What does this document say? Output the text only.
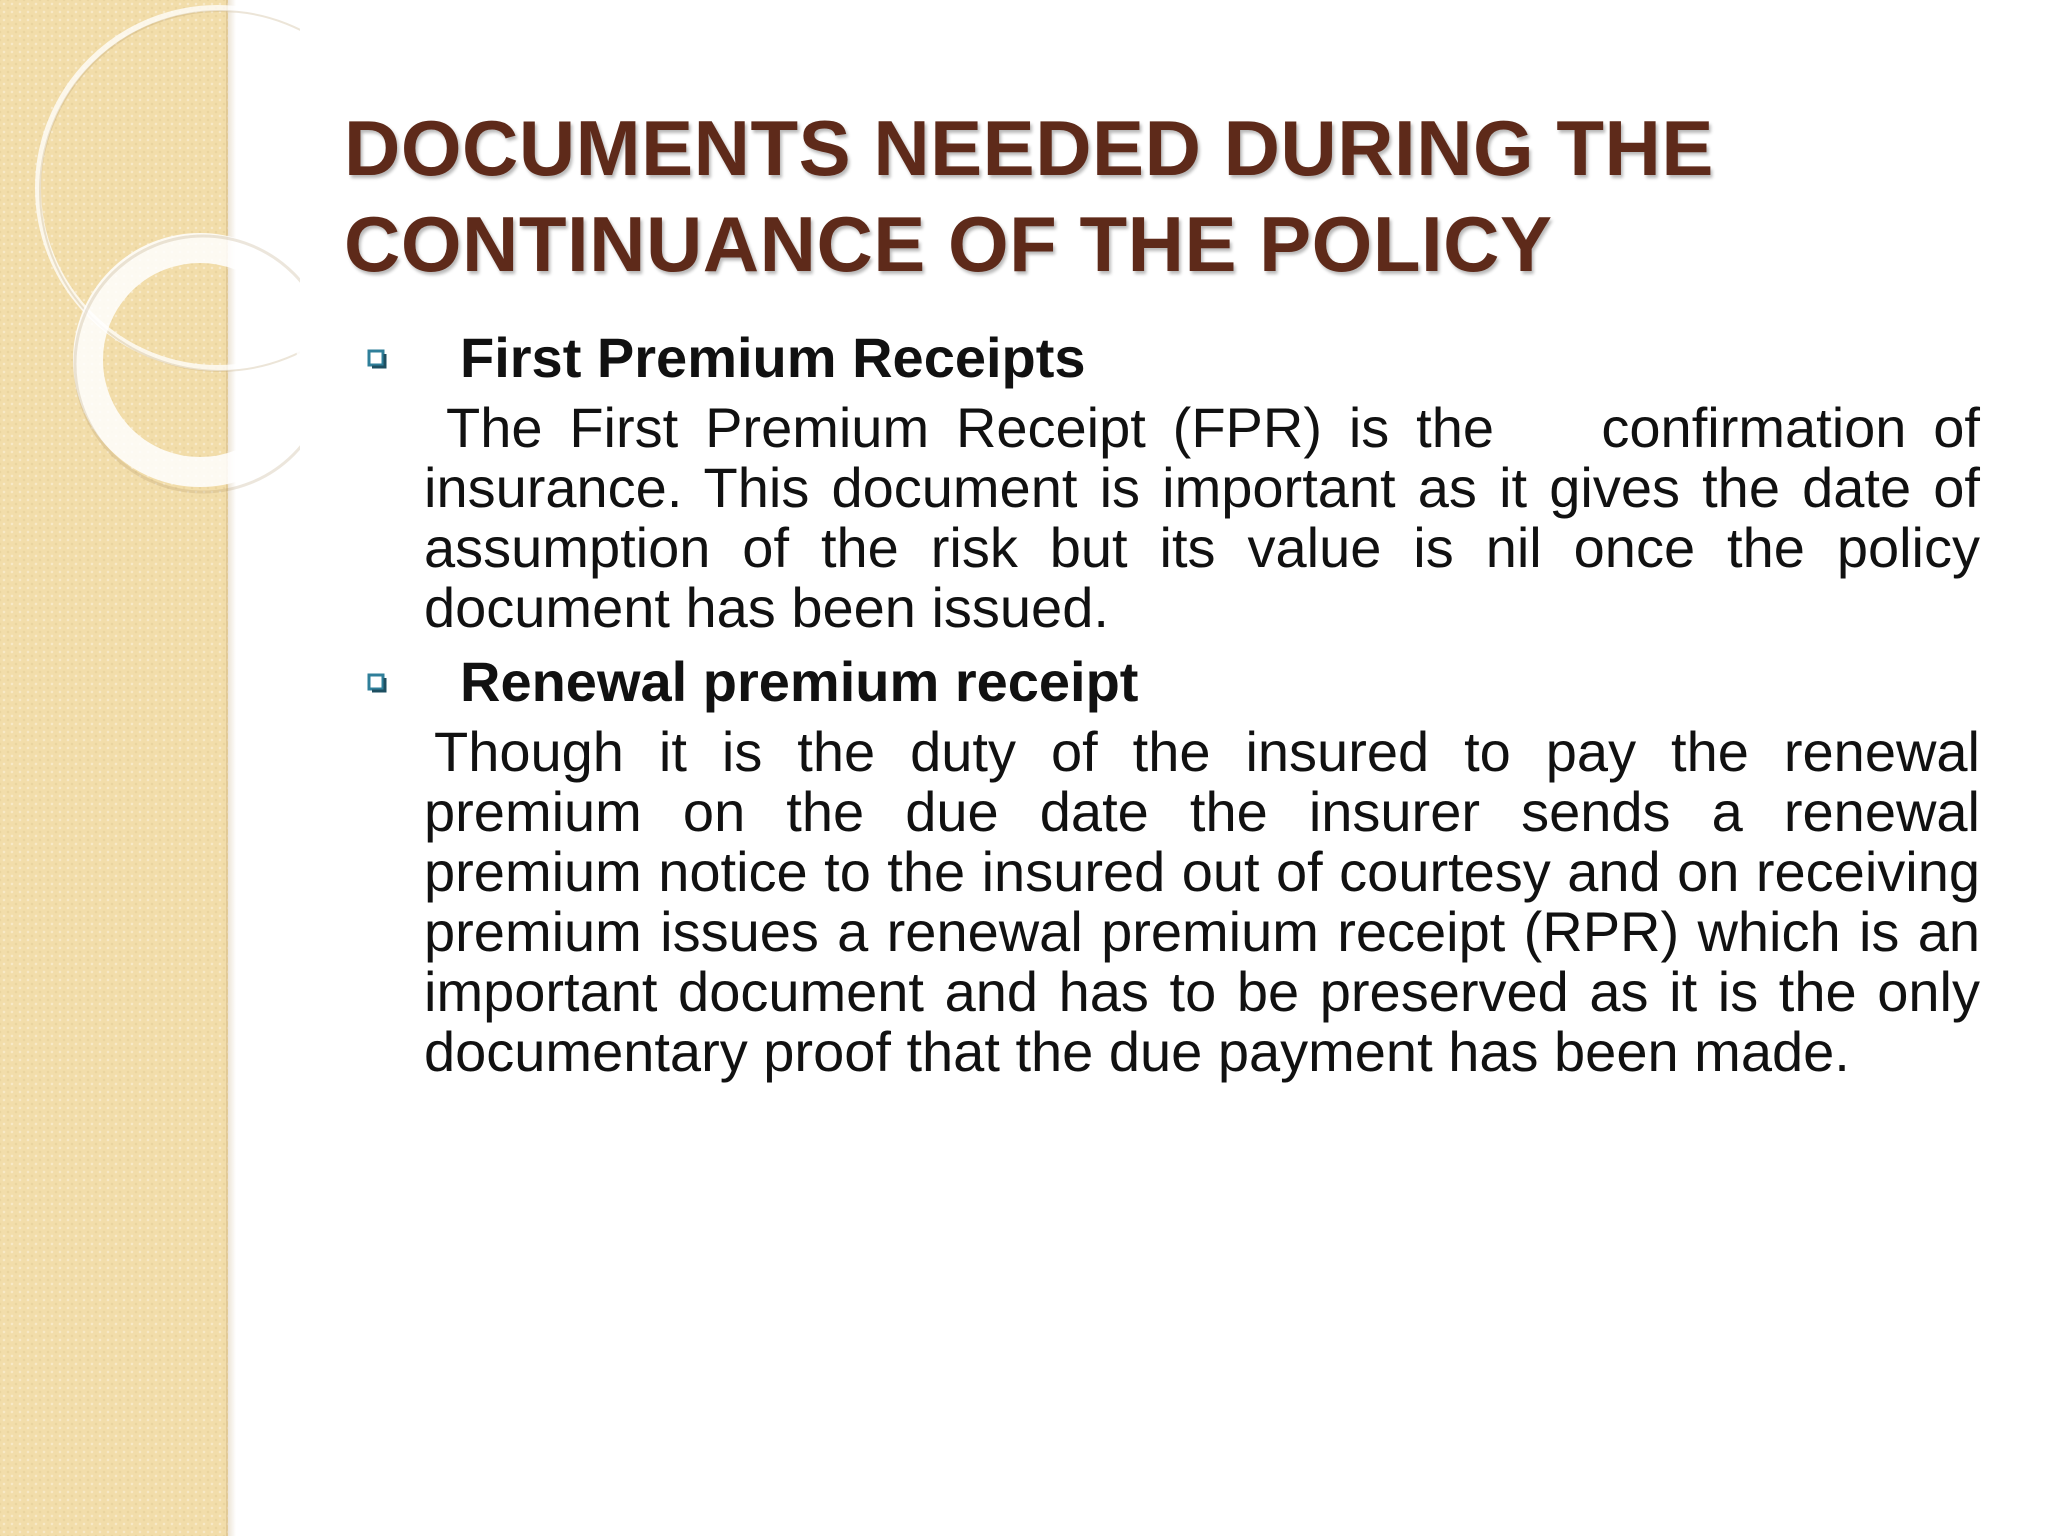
DOCUMENTS NEEDED DURING THE CONTINUANCE OF THE POLICY
First Premium Receipts

The First Premium Receipt (FPR) is the    confirmation of insurance. This document is important as it gives the date of assumption of the risk but its value is nil once the policy document has been issued.

Renewal premium receipt

Though it is the duty of the insured to pay the renewal premium on the due date the insurer sends a renewal premium notice to the insured out of courtesy and on receiving  premium issues a renewal premium receipt (RPR) which is an important document and has to be preserved as it is the only documentary proof that the due payment has been made.
